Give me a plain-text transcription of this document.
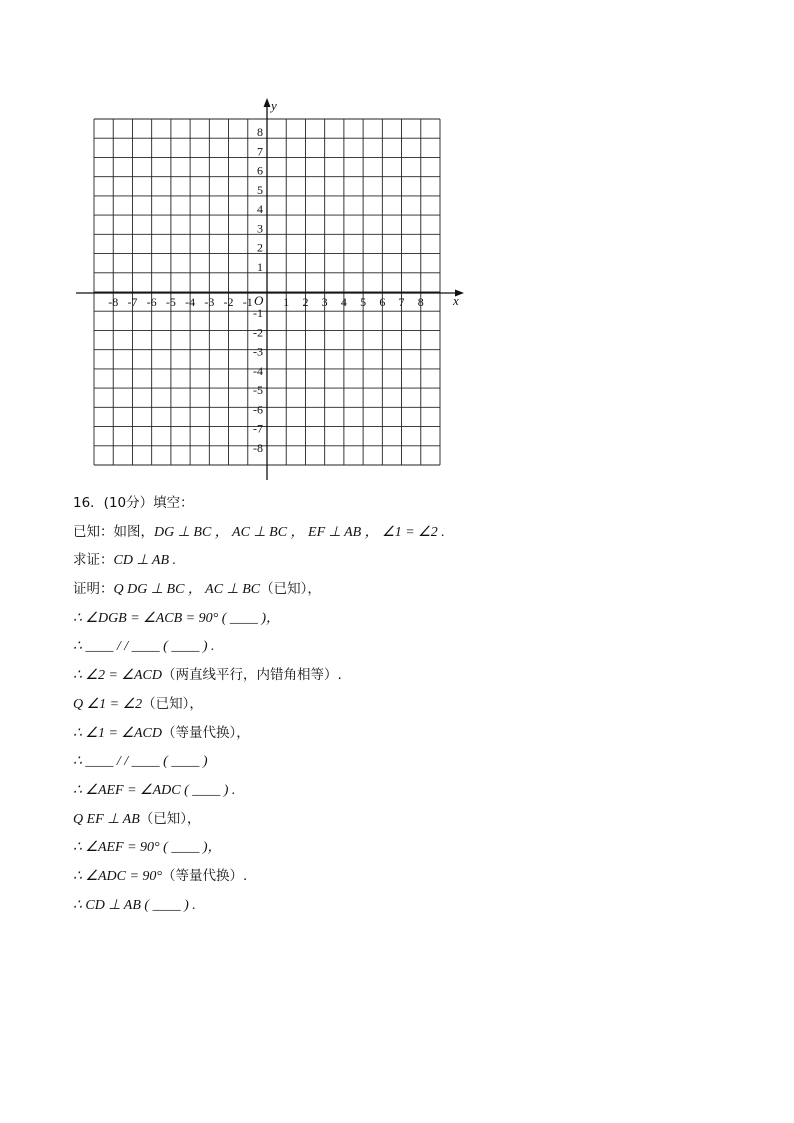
x
y
O
-8 -7 -6 -5 -4 -3 -2 -1	1 2 3 4 5 6 7 8
8
7
6
5
4
3
2
1
-1
-2
-3
-4
-5
-6
-7
-8
16．(10分）填空：
已知：如图，DG ⊥ BC ， AC ⊥ BC ， EF ⊥ AB ， ∠1 = ∠2 .
求证：CD ⊥ AB .
证明：Q DG ⊥ BC ， AC ⊥ BC（已知），
∴ ∠DGB = ∠ACB = 90° ( ____ )，
∴ ____ / / ____ ( ____ ) .
∴ ∠2 = ∠ACD（两直线平行，内错角相等）.
Q ∠1 = ∠2（已知），
∴ ∠1 = ∠ACD（等量代换），
∴ ____ / / ____ ( ____ )
∴ ∠AEF = ∠ADC ( ____ ) .
Q EF ⊥ AB（已知），
∴ ∠AEF = 90° ( ____ )，
∴ ∠ADC = 90°（等量代换）.
∴ CD ⊥ AB ( ____ ) .
